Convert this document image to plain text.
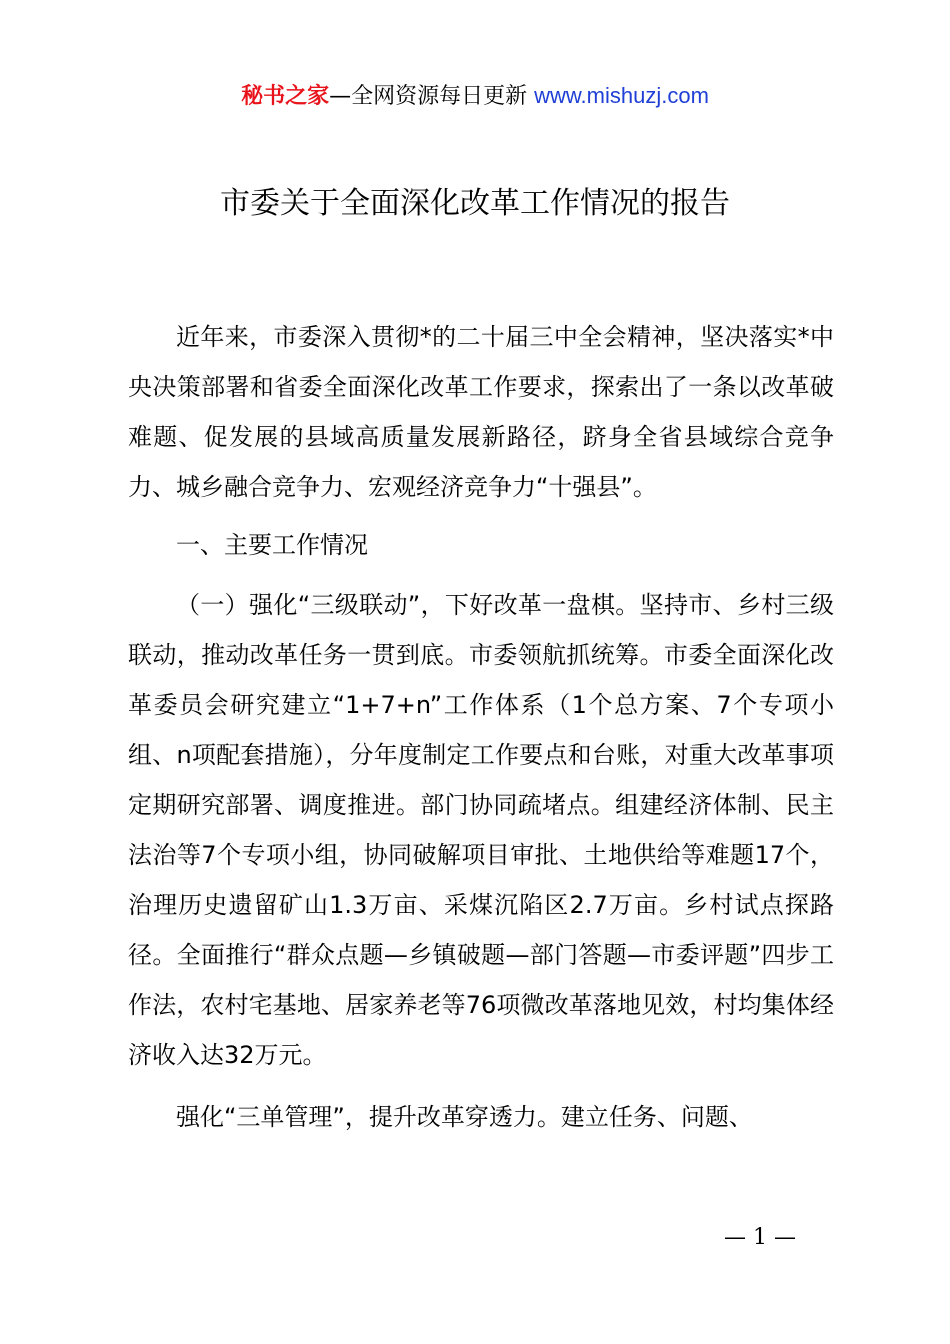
秘书之家—全网资源每日更新 www.mishuzj.com
市委关于全面深化改革工作情况的报告

近年来，市委深入贯彻*的二十届三中全会精神，坚决落实*中央决策部署和省委全面深化改革工作要求，探索出了一条以改革破难题、促发展的县域高质量发展新路径，跻身全省县域综合竞争力、城乡融合竞争力、宏观经济竞争力“十强县”。

一、主要工作情况

（一）强化“三级联动”，下好改革一盘棋。坚持市、乡村三级联动，推动改革任务一贯到底。市委领航抓统筹。市委全面深化改革委员会研究建立“1+7+n”工作体系（1个总方案、7个专项小组、n项配套措施），分年度制定工作要点和台账，对重大改革事项定期研究部署、调度推进。部门协同疏堵点。组建经济体制、民主法治等7个专项小组，协同破解项目审批、土地供给等难题17个，治理历史遗留矿山1.3万亩、采煤沉陷区2.7万亩。乡村试点探路径。全面推行“群众点题—乡镇破题—部门答题—市委评题”四步工作法，农村宅基地、居家养老等76项微改革落地见效，村均集体经济收入达32万元。

强化“三单管理”，提升改革穿透力。建立任务、问题、

— 1 —
